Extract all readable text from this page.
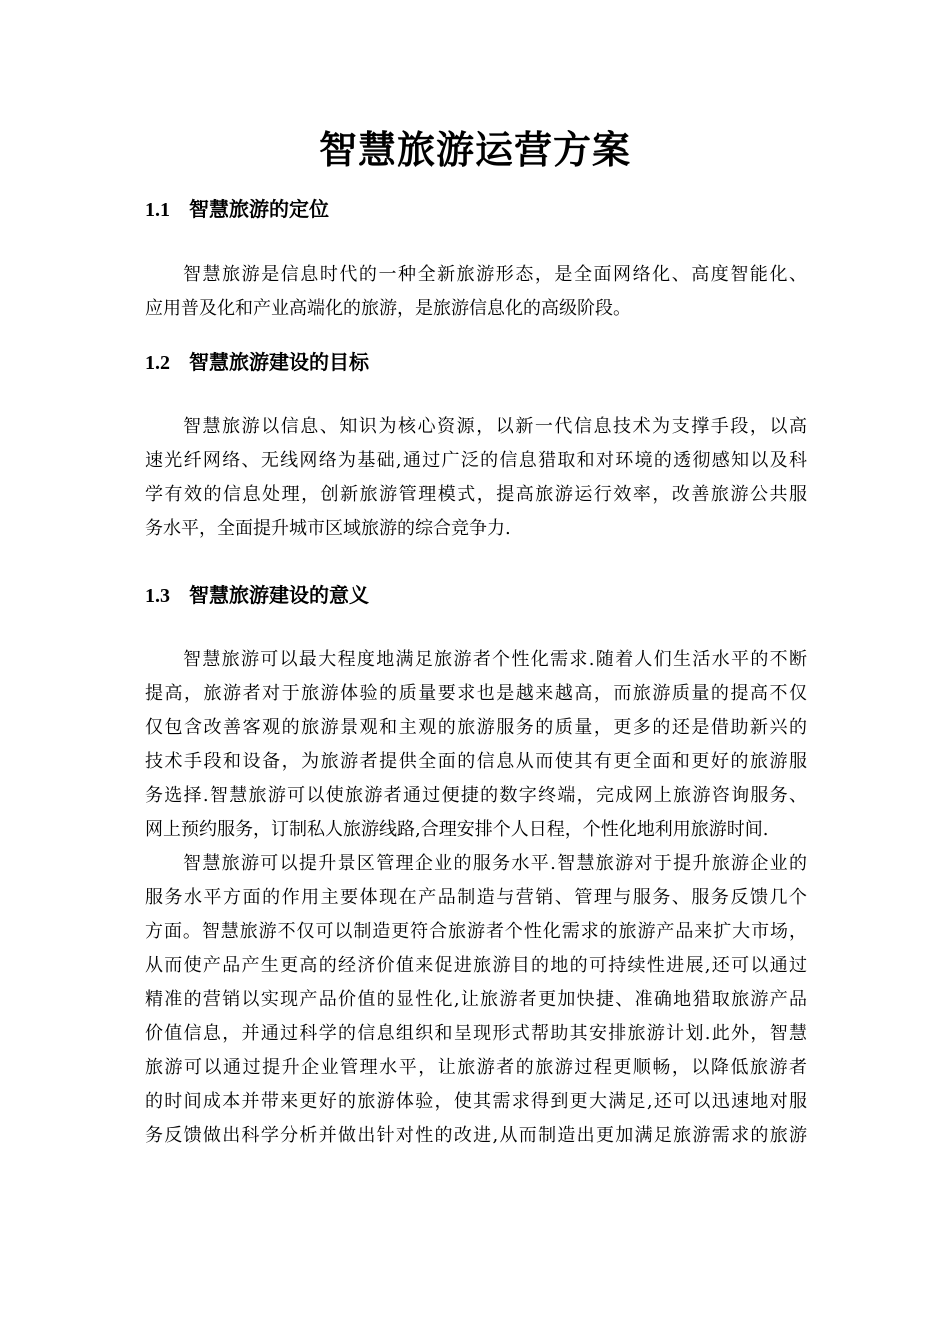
智慧旅游运营方案
1.1 智慧旅游的定位
智慧旅游是信息时代的一种全新旅游形态，是全面网络化、高度智能化、
应用普及化和产业高端化的旅游，是旅游信息化的高级阶段。
1.2 智慧旅游建设的目标
智慧旅游以信息、知识为核心资源，以新一代信息技术为支撑手段，以高
速光纤网络、无线网络为基础,通过广泛的信息猎取和对环境的透彻感知以及科
学有效的信息处理，创新旅游管理模式，提高旅游运行效率，改善旅游公共服
务水平，全面提升城市区域旅游的综合竞争力.
1.3 智慧旅游建设的意义
智慧旅游可以最大程度地满足旅游者个性化需求.随着人们生活水平的不断
提高，旅游者对于旅游体验的质量要求也是越来越高，而旅游质量的提高不仅
仅包含改善客观的旅游景观和主观的旅游服务的质量，更多的还是借助新兴的
技术手段和设备，为旅游者提供全面的信息从而使其有更全面和更好的旅游服
务选择.智慧旅游可以使旅游者通过便捷的数字终端，完成网上旅游咨询服务、
网上预约服务，订制私人旅游线路,合理安排个人日程，个性化地利用旅游时间.
智慧旅游可以提升景区管理企业的服务水平.智慧旅游对于提升旅游企业的
服务水平方面的作用主要体现在产品制造与营销、管理与服务、服务反馈几个
方面。智慧旅游不仅可以制造更符合旅游者个性化需求的旅游产品来扩大市场，
从而使产品产生更高的经济价值来促进旅游目的地的可持续性进展,还可以通过
精准的营销以实现产品价值的显性化,让旅游者更加快捷、准确地猎取旅游产品
价值信息，并通过科学的信息组织和呈现形式帮助其安排旅游计划.此外，智慧
旅游可以通过提升企业管理水平，让旅游者的旅游过程更顺畅，以降低旅游者
的时间成本并带来更好的旅游体验，使其需求得到更大满足,还可以迅速地对服
务反馈做出科学分析并做出针对性的改进,从而制造出更加满足旅游需求的旅游
